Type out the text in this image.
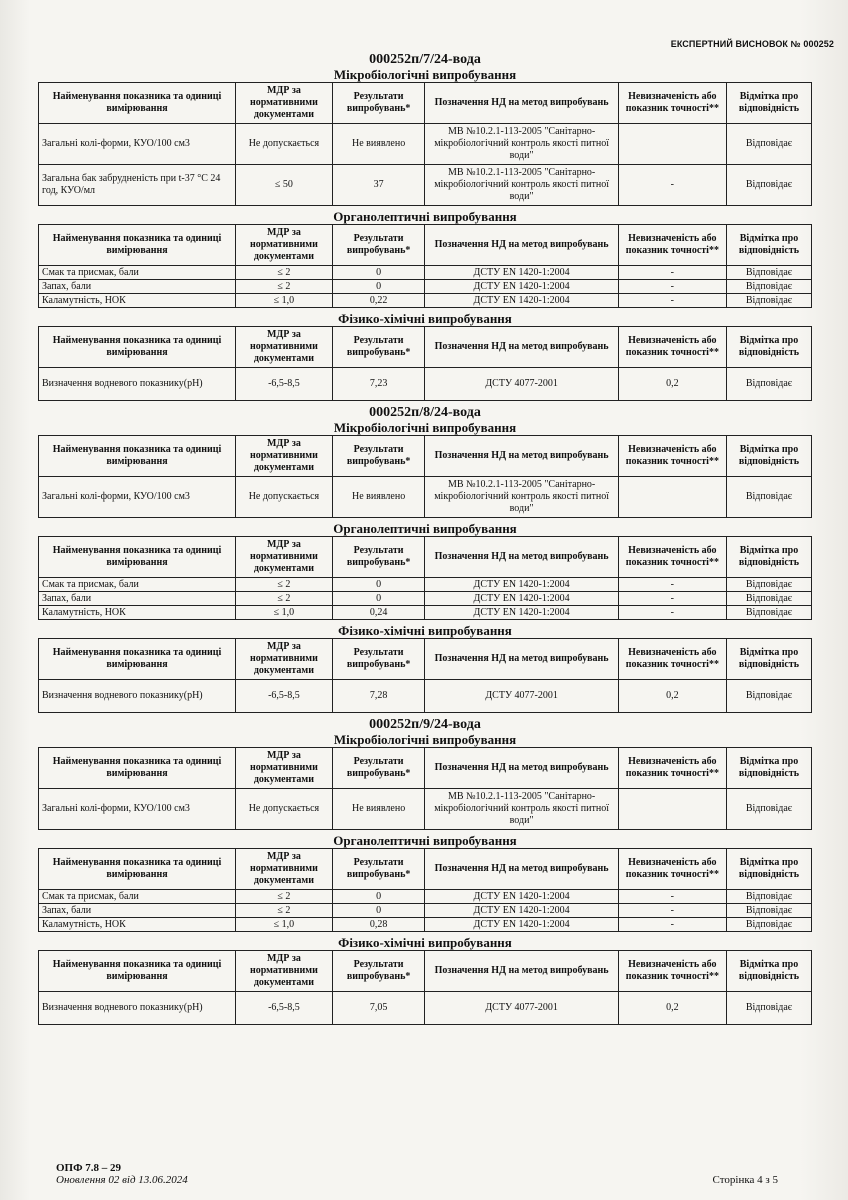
ЕКСПЕРТНИЙ ВИСНОВОК № 000252
000252п/7/24-вода
Мікробіологічні випробування
Найменування показника та одиниці вимірювання	МДР за нормативними документами	Результати випробувань*	Позначення НД на метод випробувань	Невизначеність або показник точності**	Відмітка про відповідність
Загальні колі-форми, КУО/100 см3	Не допускається	Не виявлено	МВ №10.2.1-113-2005 "Санітарно-мікробіологічний контроль якості питної води"		Відповідає
Загальна бак забрудненість при t-37 °С 24 год, КУО/мл	≤ 50	37	МВ №10.2.1-113-2005 "Санітарно-мікробіологічний контроль якості питної води"	-	Відповідає
Органолептичні випробування
Найменування показника та одиниці вимірювання	МДР за нормативними документами	Результати випробувань*	Позначення НД на метод випробувань	Невизначеність або показник точності**	Відмітка про відповідність
Смак та присмак, бали	≤ 2	0	ДСТУ EN 1420-1:2004	-	Відповідає
Запах, бали	≤ 2	0	ДСТУ EN 1420-1:2004	-	Відповідає
Каламутність, НОК	≤ 1,0	0,22	ДСТУ EN 1420-1:2004	-	Відповідає
Фізико-хімічні випробування
Найменування показника та одиниці вимірювання	МДР за нормативними документами	Результати випробувань*	Позначення НД на метод випробувань	Невизначеність або показник точності**	Відмітка про відповідність
Визначення водневого показнику(рН)	-6,5-8,5	7,23	ДСТУ 4077-2001	0,2	Відповідає
000252п/8/24-вода
Мікробіологічні випробування
Найменування показника та одиниці вимірювання	МДР за нормативними документами	Результати випробувань*	Позначення НД на метод випробувань	Невизначеність або показник точності**	Відмітка про відповідність
Загальні колі-форми, КУО/100 см3	Не допускається	Не виявлено	МВ №10.2.1-113-2005 "Санітарно-мікробіологічний контроль якості питної води"		Відповідає
Органолептичні випробування
Найменування показника та одиниці вимірювання	МДР за нормативними документами	Результати випробувань*	Позначення НД на метод випробувань	Невизначеність або показник точності**	Відмітка про відповідність
Смак та присмак, бали	≤ 2	0	ДСТУ EN 1420-1:2004	-	Відповідає
Запах, бали	≤ 2	0	ДСТУ EN 1420-1:2004	-	Відповідає
Каламутність, НОК	≤ 1,0	0,24	ДСТУ EN 1420-1:2004	-	Відповідає
Фізико-хімічні випробування
Найменування показника та одиниці вимірювання	МДР за нормативними документами	Результати випробувань*	Позначення НД на метод випробувань	Невизначеність або показник точності**	Відмітка про відповідність
Визначення водневого показнику(рН)	-6,5-8,5	7,28	ДСТУ 4077-2001	0,2	Відповідає
000252п/9/24-вода
Мікробіологічні випробування
Найменування показника та одиниці вимірювання	МДР за нормативними документами	Результати випробувань*	Позначення НД на метод випробувань	Невизначеність або показник точності**	Відмітка про відповідність
Загальні колі-форми, КУО/100 см3	Не допускається	Не виявлено	МВ №10.2.1-113-2005 "Санітарно-мікробіологічний контроль якості питної води"		Відповідає
Органолептичні випробування
Найменування показника та одиниці вимірювання	МДР за нормативними документами	Результати випробувань*	Позначення НД на метод випробувань	Невизначеність або показник точності**	Відмітка про відповідність
Смак та присмак, бали	≤ 2	0	ДСТУ EN 1420-1:2004	-	Відповідає
Запах, бали	≤ 2	0	ДСТУ EN 1420-1:2004	-	Відповідає
Каламутність, НОК	≤ 1,0	0,28	ДСТУ EN 1420-1:2004	-	Відповідає
Фізико-хімічні випробування
Найменування показника та одиниці вимірювання	МДР за нормативними документами	Результати випробувань*	Позначення НД на метод випробувань	Невизначеність або показник точності**	Відмітка про відповідність
Визначення водневого показнику(рН)	-6,5-8,5	7,05	ДСТУ 4077-2001	0,2	Відповідає
ОПФ 7.8 – 29
Оновлення 02 від 13.06.2024	Сторінка 4 з 5
